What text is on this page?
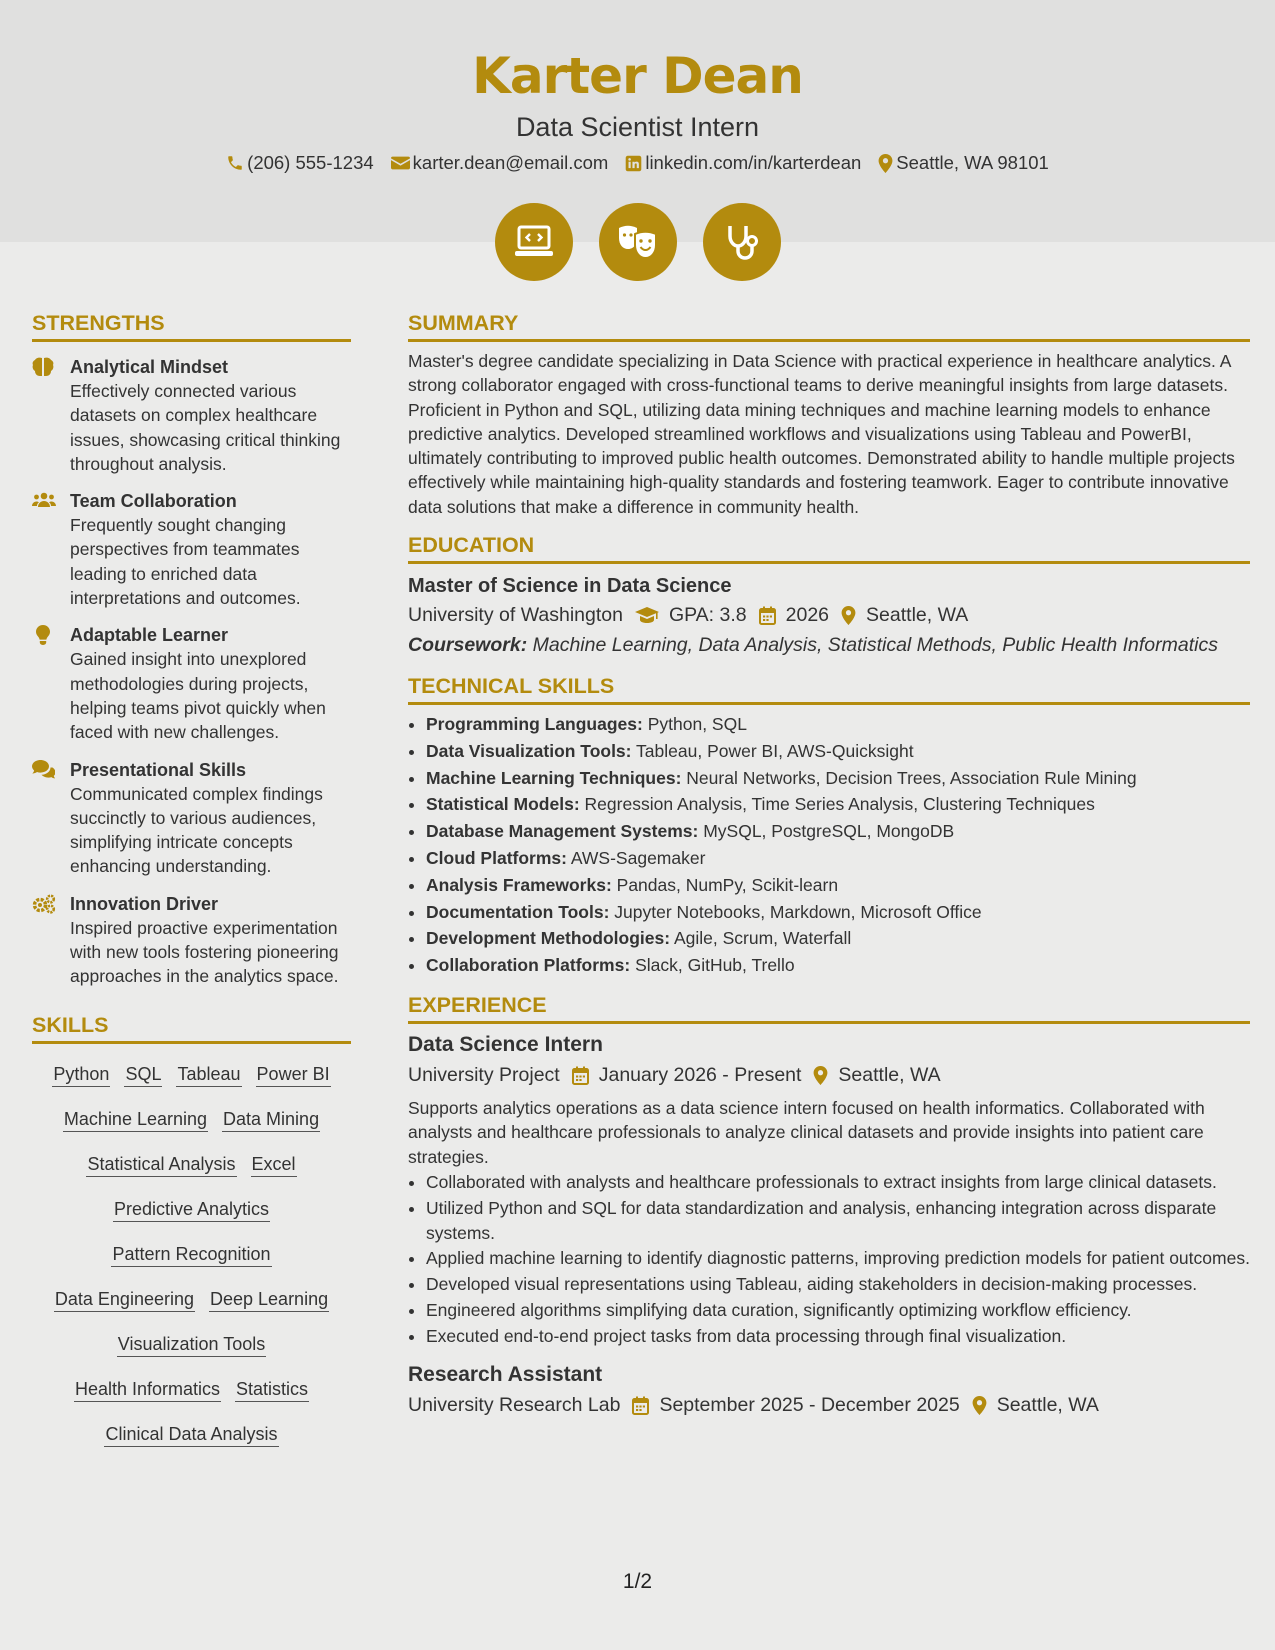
Karter Dean
Data Scientist Intern
(206) 555-1234 karter.dean@email.com linkedin.com/in/karterdean Seattle, WA 98101
STRENGTHS
Analytical Mindset
Effectively connected various datasets on complex healthcare issues, showcasing critical thinking throughout analysis.
Team Collaboration
Frequently sought changing perspectives from teammates leading to enriched data interpretations and outcomes.
Adaptable Learner
Gained insight into unexplored methodologies during projects, helping teams pivot quickly when faced with new challenges.
Presentational Skills
Communicated complex findings succinctly to various audiences, simplifying intricate concepts enhancing understanding.
Innovation Driver
Inspired proactive experimentation with new tools fostering pioneering approaches in the analytics space.
SKILLS
Python SQL Tableau Power BI
Machine Learning Data Mining
Statistical Analysis Excel
Predictive Analytics
Pattern Recognition
Data Engineering Deep Learning
Visualization Tools
Health Informatics Statistics
Clinical Data Analysis
SUMMARY
Master's degree candidate specializing in Data Science with practical experience in healthcare analytics. A strong collaborator engaged with cross-functional teams to derive meaningful insights from large datasets. Proficient in Python and SQL, utilizing data mining techniques and machine learning models to enhance predictive analytics. Developed streamlined workflows and visualizations using Tableau and PowerBI, ultimately contributing to improved public health outcomes. Demonstrated ability to handle multiple projects effectively while maintaining high-quality standards and fostering teamwork. Eager to contribute innovative data solutions that make a difference in community health.
EDUCATION
Master of Science in Data Science
University of Washington GPA: 3.8 2026 Seattle, WA
Coursework: Machine Learning, Data Analysis, Statistical Methods, Public Health Informatics
TECHNICAL SKILLS
• Programming Languages: Python, SQL
• Data Visualization Tools: Tableau, Power BI, AWS-Quicksight
• Machine Learning Techniques: Neural Networks, Decision Trees, Association Rule Mining
• Statistical Models: Regression Analysis, Time Series Analysis, Clustering Techniques
• Database Management Systems: MySQL, PostgreSQL, MongoDB
• Cloud Platforms: AWS-Sagemaker
• Analysis Frameworks: Pandas, NumPy, Scikit-learn
• Documentation Tools: Jupyter Notebooks, Markdown, Microsoft Office
• Development Methodologies: Agile, Scrum, Waterfall
• Collaboration Platforms: Slack, GitHub, Trello
EXPERIENCE
Data Science Intern
University Project January 2026 - Present Seattle, WA
Supports analytics operations as a data science intern focused on health informatics. Collaborated with analysts and healthcare professionals to analyze clinical datasets and provide insights into patient care strategies.
• Collaborated with analysts and healthcare professionals to extract insights from large clinical datasets.
• Utilized Python and SQL for data standardization and analysis, enhancing integration across disparate systems.
• Applied machine learning to identify diagnostic patterns, improving prediction models for patient outcomes.
• Developed visual representations using Tableau, aiding stakeholders in decision-making processes.
• Engineered algorithms simplifying data curation, significantly optimizing workflow efficiency.
• Executed end-to-end project tasks from data processing through final visualization.
Research Assistant
University Research Lab September 2025 - December 2025 Seattle, WA
1/2
